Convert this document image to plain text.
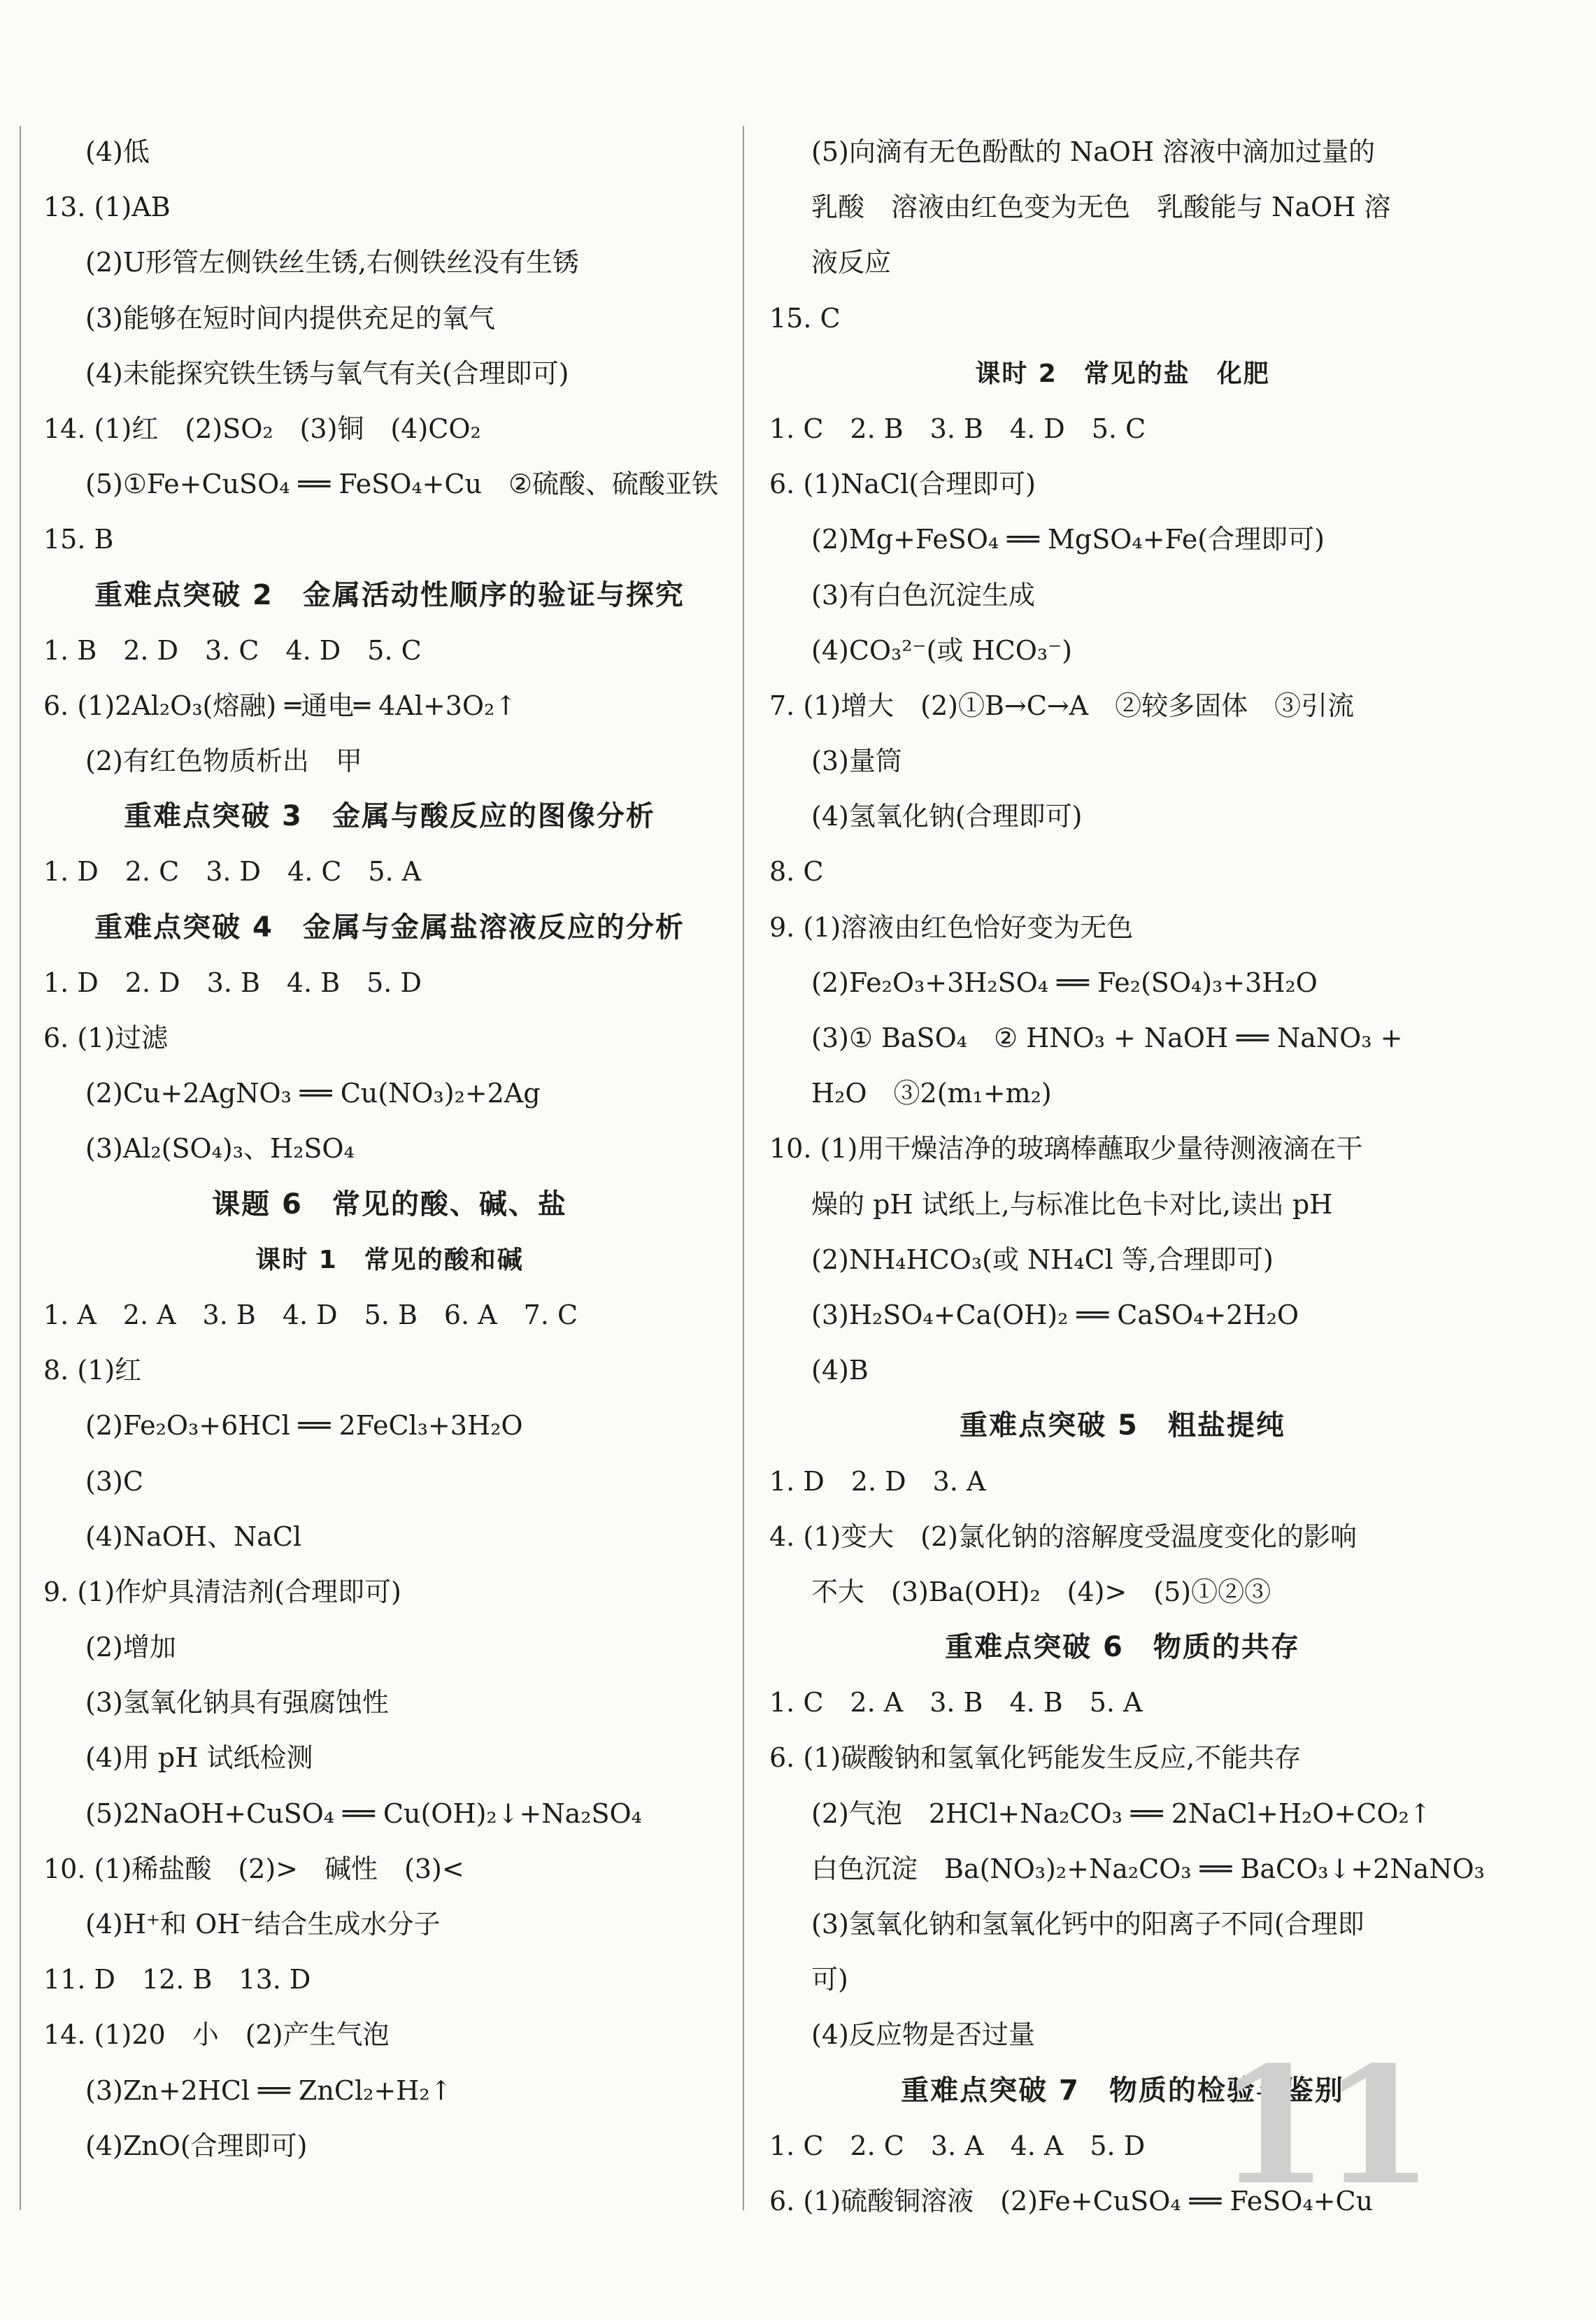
(4)低
13. (1)AB
(2)U形管左侧铁丝生锈,右侧铁丝没有生锈
(3)能够在短时间内提供充足的氧气
(4)未能探究铁生锈与氧气有关(合理即可)
14. (1)红　(2)SO₂　(3)铜　(4)CO₂
(5)①Fe+CuSO₄ ══ FeSO₄+Cu　②硫酸、硫酸亚铁
15. B
重难点突破 2　金属活动性顺序的验证与探究
1. B　2. D　3. C　4. D　5. C
6. (1)2Al₂O₃(熔融) ═通电═ 4Al+3O₂↑
(2)有红色物质析出　甲
重难点突破 3　金属与酸反应的图像分析
1. D　2. C　3. D　4. C　5. A
重难点突破 4　金属与金属盐溶液反应的分析
1. D　2. D　3. B　4. B　5. D
6. (1)过滤
(2)Cu+2AgNO₃ ══ Cu(NO₃)₂+2Ag
(3)Al₂(SO₄)₃、H₂SO₄
课题 6　常见的酸、碱、盐
课时 1　常见的酸和碱
1. A　2. A　3. B　4. D　5. B　6. A　7. C
8. (1)红
(2)Fe₂O₃+6HCl ══ 2FeCl₃+3H₂O
(3)C
(4)NaOH、NaCl
9. (1)作炉具清洁剂(合理即可)
(2)增加
(3)氢氧化钠具有强腐蚀性
(4)用 pH 试纸检测
(5)2NaOH+CuSO₄ ══ Cu(OH)₂↓+Na₂SO₄
10. (1)稀盐酸　(2)>　碱性　(3)<
(4)H⁺和 OH⁻结合生成水分子
11. D　12. B　13. D
14. (1)20　小　(2)产生气泡
(3)Zn+2HCl ══ ZnCl₂+H₂↑
(4)ZnO(合理即可)
(5)向滴有无色酚酞的 NaOH 溶液中滴加过量的
乳酸　溶液由红色变为无色　乳酸能与 NaOH 溶
液反应
15. C
课时 2　常见的盐　化肥
1. C　2. B　3. B　4. D　5. C
6. (1)NaCl(合理即可)
(2)Mg+FeSO₄ ══ MgSO₄+Fe(合理即可)
(3)有白色沉淀生成
(4)CO₃²⁻(或 HCO₃⁻)
7. (1)增大　(2)①B→C→A　②较多固体　③引流
(3)量筒
(4)氢氧化钠(合理即可)
8. C
9. (1)溶液由红色恰好变为无色
(2)Fe₂O₃+3H₂SO₄ ══ Fe₂(SO₄)₃+3H₂O
(3)① BaSO₄　② HNO₃ + NaOH ══ NaNO₃ +
H₂O　③2(m₁+m₂)
10. (1)用干燥洁净的玻璃棒蘸取少量待测液滴在干
燥的 pH 试纸上,与标准比色卡对比,读出 pH
(2)NH₄HCO₃(或 NH₄Cl 等,合理即可)
(3)H₂SO₄+Ca(OH)₂ ══ CaSO₄+2H₂O
(4)B
重难点突破 5　粗盐提纯
1. D　2. D　3. A
4. (1)变大　(2)氯化钠的溶解度受温度变化的影响
不大　(3)Ba(OH)₂　(4)>　(5)①②③
重难点突破 6　物质的共存
1. C　2. A　3. B　4. B　5. A
6. (1)碳酸钠和氢氧化钙能发生反应,不能共存
(2)气泡　2HCl+Na₂CO₃ ══ 2NaCl+H₂O+CO₂↑
白色沉淀　Ba(NO₃)₂+Na₂CO₃ ══ BaCO₃↓+2NaNO₃
(3)氢氧化钠和氢氧化钙中的阳离子不同(合理即
可)
(4)反应物是否过量
重难点突破 7　物质的检验与鉴别
1. C　2. C　3. A　4. A　5. D
6. (1)硫酸铜溶液　(2)Fe+CuSO₄ ══ FeSO₄+Cu
11
